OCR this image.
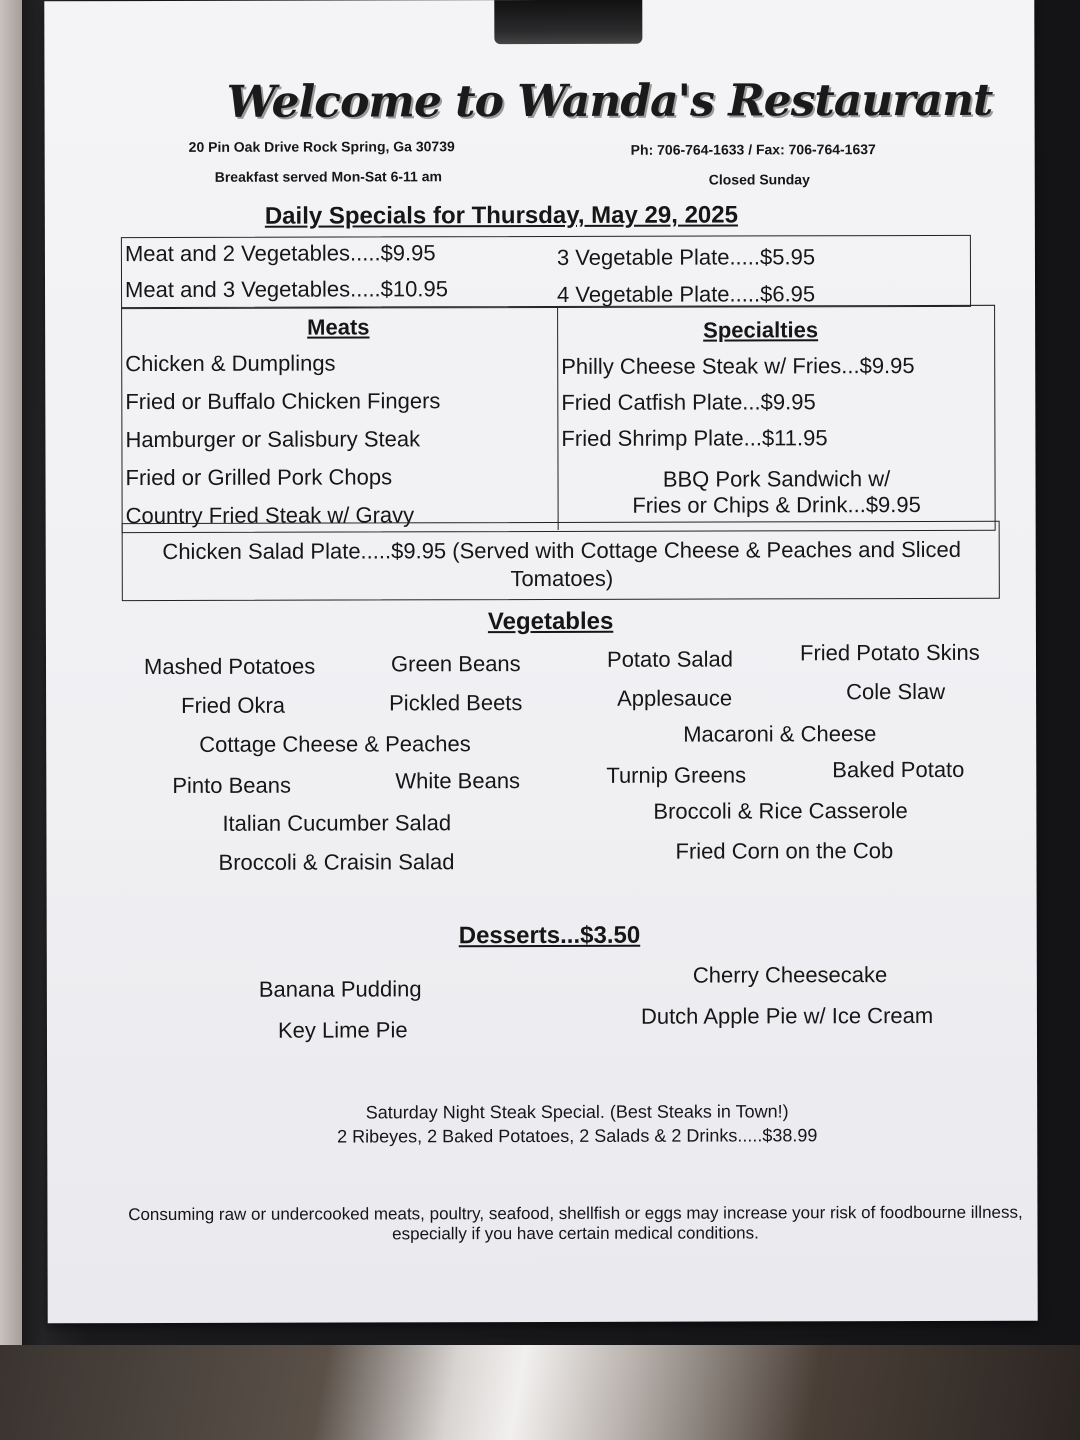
Welcome to Wanda's Restaurant
20 Pin Oak Drive Rock Spring, Ga 30739	Ph: 706-764-1633 / Fax: 706-764-1637
Breakfast served Mon-Sat 6-11 am	Closed Sunday
Daily Specials for Thursday, May 29, 2025
Meat and 2 Vegetables.....$9.95	3 Vegetable Plate.....$5.95
Meat and 3 Vegetables.....$10.95	4 Vegetable Plate.....$6.95
Meats
Chicken & Dumplings
Fried or Buffalo Chicken Fingers
Hamburger or Salisbury Steak
Fried or Grilled Pork Chops
Country Fried Steak w/ Gravy
Specialties
Philly Cheese Steak w/ Fries...$9.95
Fried Catfish Plate...$9.95
Fried Shrimp Plate...$11.95
BBQ Pork Sandwich w/
Fries or Chips & Drink...$9.95
Chicken Salad Plate.....$9.95 (Served with Cottage Cheese & Peaches and Sliced
Tomatoes)
Vegetables
Mashed Potatoes	Green Beans	Potato Salad	Fried Potato Skins
Fried Okra	Pickled Beets	Applesauce	Cole Slaw
Cottage Cheese & Peaches	Macaroni & Cheese
Pinto Beans	White Beans	Turnip Greens	Baked Potato
Italian Cucumber Salad	Broccoli & Rice Casserole
Broccoli & Craisin Salad	Fried Corn on the Cob
Desserts...$3.50
Banana Pudding
Key Lime Pie
Cherry Cheesecake
Dutch Apple Pie w/ Ice Cream
Saturday Night Steak Special. (Best Steaks in Town!)
2 Ribeyes, 2 Baked Potatoes, 2 Salads & 2 Drinks.....$38.99
Consuming raw or undercooked meats, poultry, seafood, shellfish or eggs may increase your risk of foodbourne illness,
especially if you have certain medical conditions.
